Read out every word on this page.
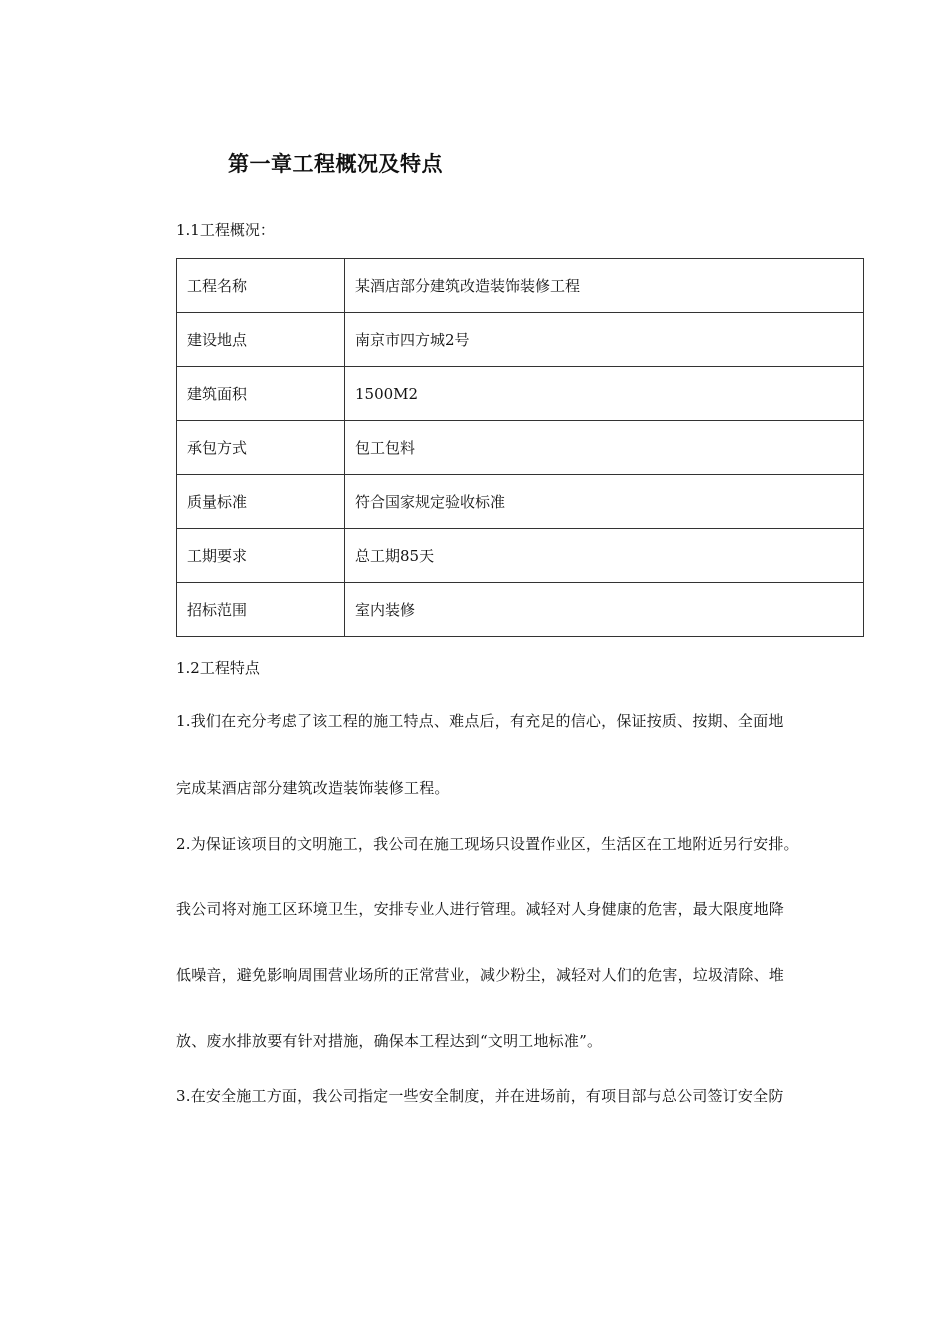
第一章工程概况及特点
1.1工程概况：
工程名称	某酒店部分建筑改造装饰装修工程
建设地点	南京市四方城2号
建筑面积	1500M2
承包方式	包工包料
质量标准	符合国家规定验收标准
工期要求	总工期85天
招标范围	室内装修
1.2工程特点
1.我们在充分考虑了该工程的施工特点、难点后，有充足的信心，保证按质、按期、全面地
完成某酒店部分建筑改造装饰装修工程。
2.为保证该项目的文明施工，我公司在施工现场只设置作业区，生活区在工地附近另行安排。
我公司将对施工区环境卫生，安排专业人进行管理。减轻对人身健康的危害，最大限度地降
低噪音，避免影响周围营业场所的正常营业，减少粉尘，减轻对人们的危害，垃圾清除、堆
放、废水排放要有针对措施，确保本工程达到“文明工地标准”。
3.在安全施工方面，我公司指定一些安全制度，并在进场前，有项目部与总公司签订安全防
